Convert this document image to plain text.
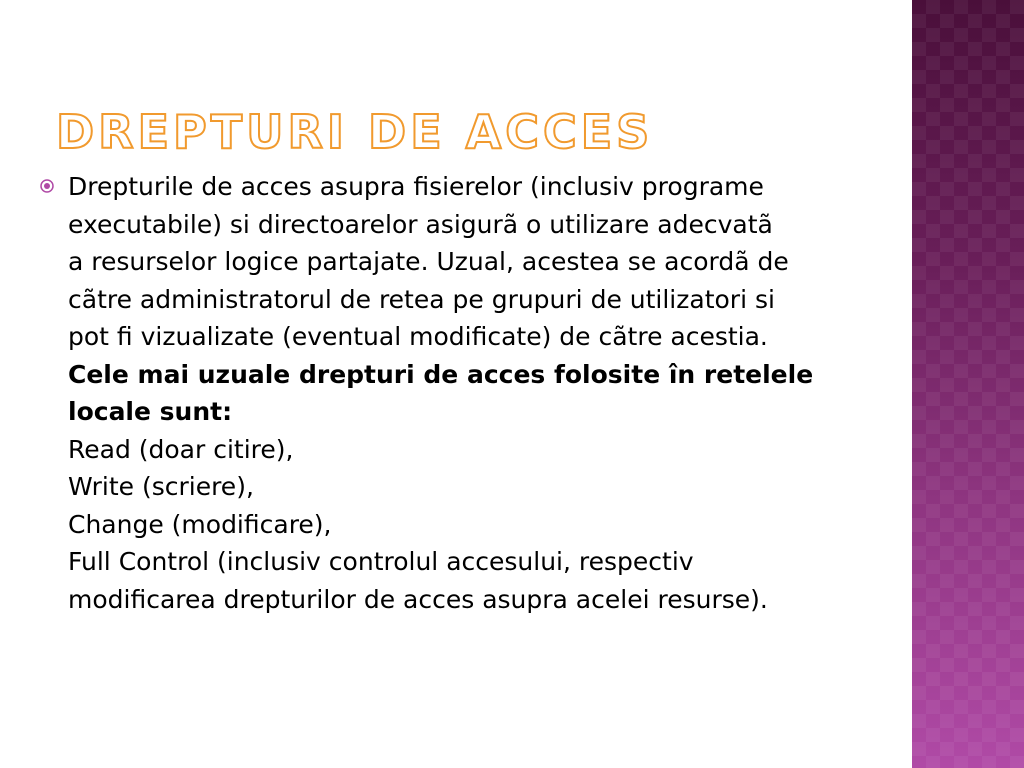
DREPTURI DE ACCES
Drepturile de acces asupra fisierelor (inclusiv programe
executabile) si directoarelor asigurã o utilizare adecvatã
a resurselor logice partajate. Uzual, acestea se acordã de
cãtre administratorul de retea pe grupuri de utilizatori si
pot fi vizualizate (eventual modificate) de cãtre acestia.
Cele mai uzuale drepturi de acces folosite în retelele
locale sunt:
Read (doar citire),
Write (scriere),
Change (modificare),
Full Control (inclusiv controlul accesului, respectiv
modificarea drepturilor de acces asupra acelei resurse).
